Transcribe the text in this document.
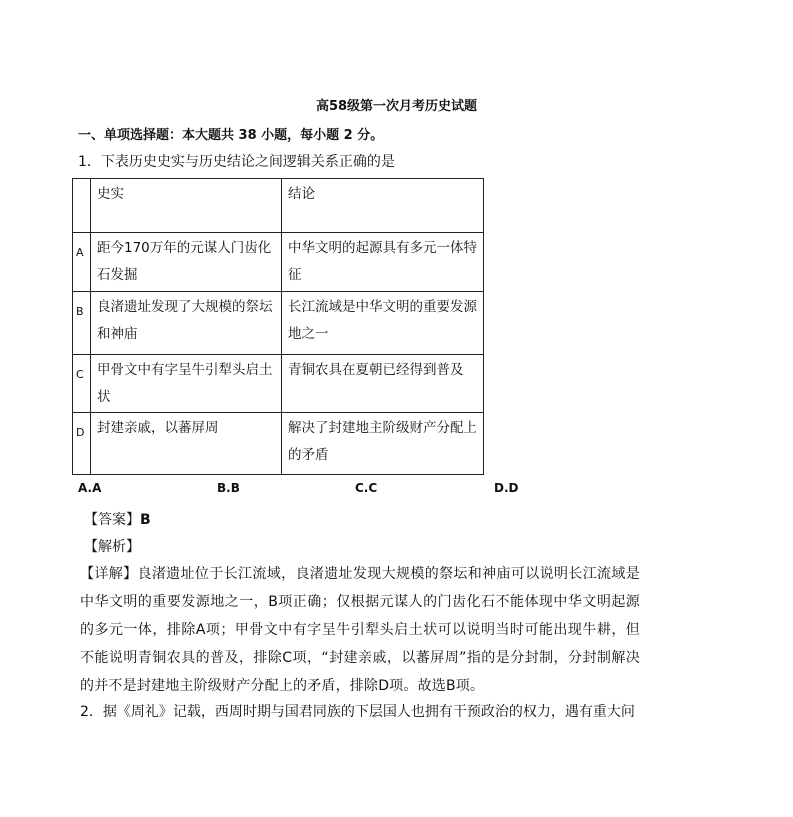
高58级第一次月考历史试题
一、单项选择题：本大题共 38 小题，每小题 2 分。
1．下表历史史实与历史结论之间逻辑关系正确的是

	史实	结论

A	距今170万年的元谋人门齿化石发掘	中华文明的起源具有多元一体特征

B	良渚遗址发现了大规模的祭坛和神庙	长江流域是中华文明的重要发源地之一

C	甲骨文中有字呈牛引犁头启土状	青铜农具在夏朝已经得到普及

D	封建亲戚，以蕃屏周	解决了封建地主阶级财产分配上的矛盾
A.A	B.B	C.C	D.D
【答案】B
【解析】
【详解】良渚遗址位于长江流域，良渚遗址发现大规模的祭坛和神庙可以说明长江流域是中华文明的重要发源地之一，B项正确；仅根据元谋人的门齿化石不能体现中华文明起源的多元一体，排除A项；甲骨文中有字呈牛引犁头启土状可以说明当时可能出现牛耕，但不能说明青铜农具的普及，排除C项，“封建亲戚，以蕃屏周”指的是分封制，分封制解决的并不是封建地主阶级财产分配上的矛盾，排除D项。故选B项。
2．据《周礼》记载，西周时期与国君同族的下层国人也拥有干预政治的权力，遇有重大问
